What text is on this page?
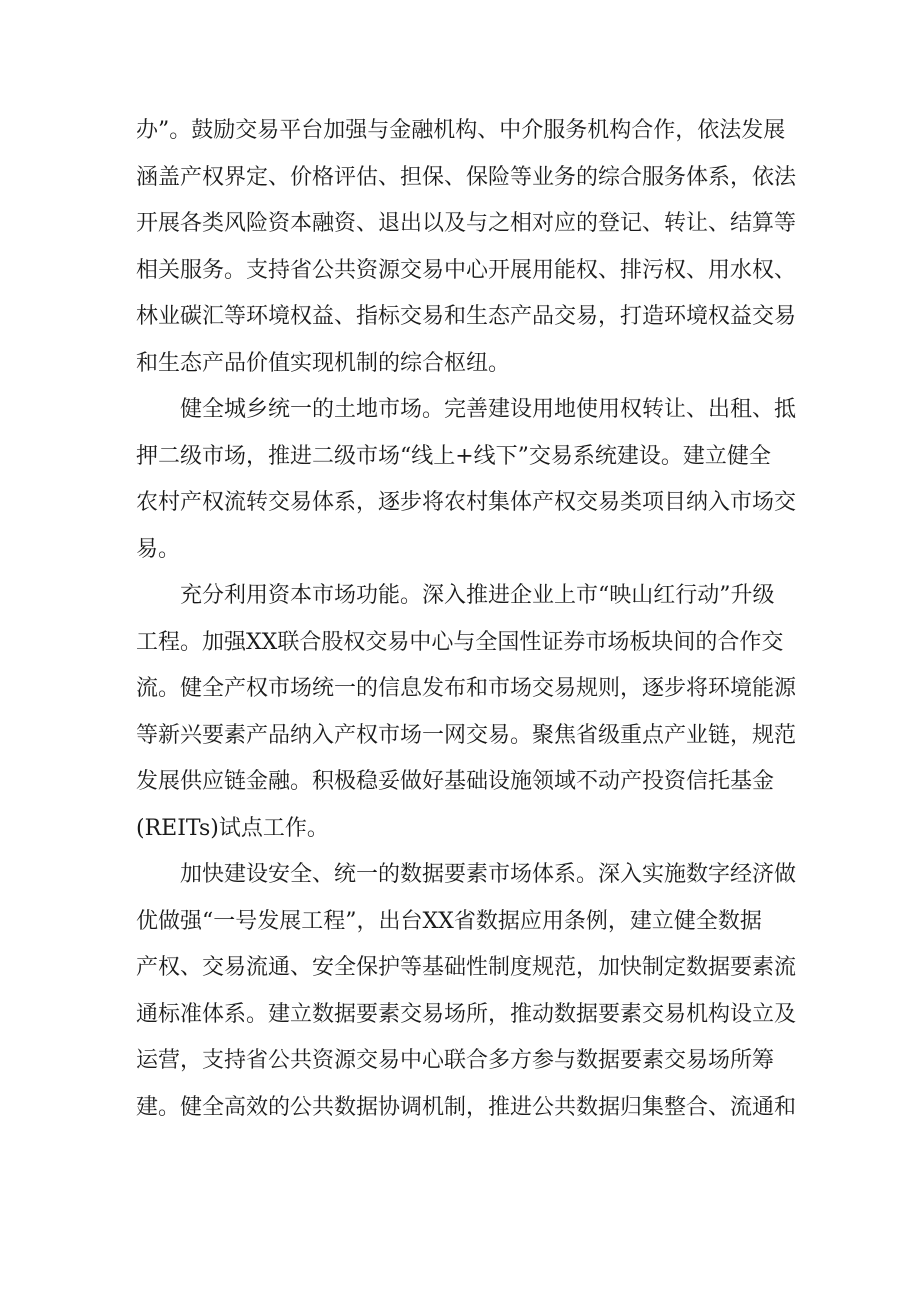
办”。鼓励交易平台加强与金融机构、中介服务机构合作，依法发展
涵盖产权界定、价格评估、担保、保险等业务的综合服务体系，依法
开展各类风险资本融资、退出以及与之相对应的登记、转让、结算等
相关服务。支持省公共资源交易中心开展用能权、排污权、用水权、
林业碳汇等环境权益、指标交易和生态产品交易，打造环境权益交易
和生态产品价值实现机制的综合枢纽。
健全城乡统一的土地市场。完善建设用地使用权转让、出租、抵
押二级市场，推进二级市场“线上+线下”交易系统建设。建立健全
农村产权流转交易体系，逐步将农村集体产权交易类项目纳入市场交
易。
充分利用资本市场功能。深入推进企业上市“映山红行动”升级
工程。加强XX联合股权交易中心与全国性证券市场板块间的合作交
流。健全产权市场统一的信息发布和市场交易规则，逐步将环境能源
等新兴要素产品纳入产权市场一网交易。聚焦省级重点产业链，规范
发展供应链金融。积极稳妥做好基础设施领域不动产投资信托基金
(REITs)试点工作。
加快建设安全、统一的数据要素市场体系。深入实施数字经济做
优做强“一号发展工程”，出台XX省数据应用条例，建立健全数据
产权、交易流通、安全保护等基础性制度规范，加快制定数据要素流
通标准体系。建立数据要素交易场所，推动数据要素交易机构设立及
运营，支持省公共资源交易中心联合多方参与数据要素交易场所筹
建。健全高效的公共数据协调机制，推进公共数据归集整合、流通和
